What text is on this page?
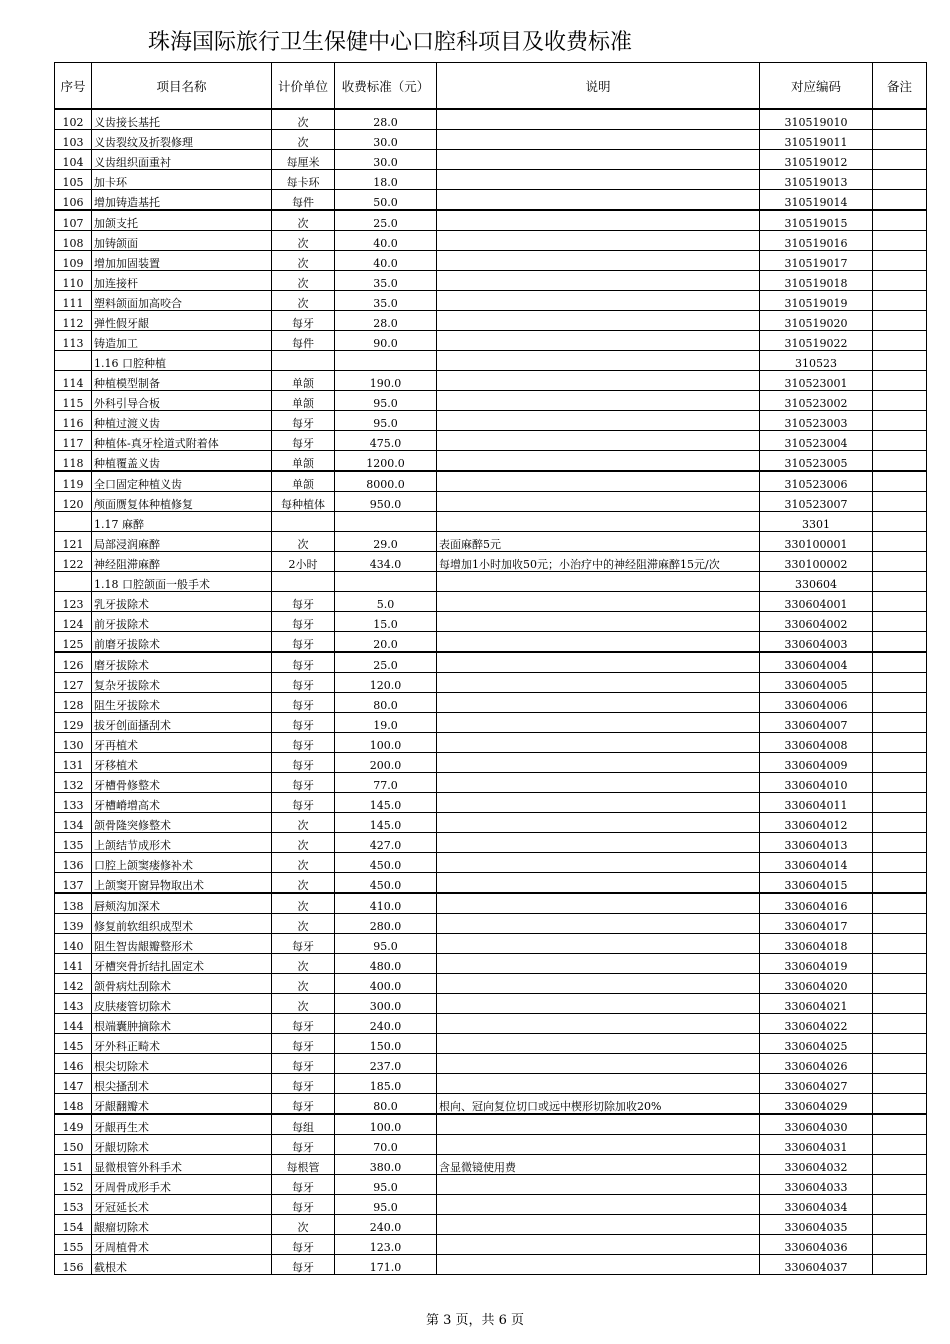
珠海国际旅行卫生保健中心口腔科项目及收费标准
序号	项目名称	计价单位	收费标准（元）	说明	对应编码	备注
102	义齿接长基托	次	28.0		310519010	
103	义齿裂纹及折裂修理	次	30.0		310519011	
104	义齿组织面重衬	每厘米	30.0		310519012	
105	加卡环	每卡环	18.0		310519013	
106	增加铸造基托	每件	50.0		310519014	
107	加颌支托	次	25.0		310519015	
108	加铸颌面	次	40.0		310519016	
109	增加加固装置	次	40.0		310519017	
110	加连接杆	次	35.0		310519018	
111	塑料颌面加高咬合	次	35.0		310519019	
112	弹性假牙龈	每牙	28.0		310519020	
113	铸造加工	每件	90.0		310519022	
	1.16 口腔种植				310523	
114	种植模型制备	单颌	190.0		310523001	
115	外科引导合板	单颌	95.0		310523002	
116	种植过渡义齿	每牙	95.0		310523003	
117	种植体-真牙栓道式附着体	每牙	475.0		310523004	
118	种植覆盖义齿	单颌	1200.0		310523005	
119	全口固定种植义齿	单颌	8000.0		310523006	
120	颅面赝复体种植修复	每种植体	950.0		310523007	
	1.17 麻醉				3301	
121	局部浸润麻醉	次	29.0	表面麻醉5元	330100001	
122	神经阻滞麻醉	2小时	434.0	每增加1小时加收50元；小治疗中的神经阻滞麻醉15元/次	330100002	
	1.18 口腔颌面一般手术				330604	
123	乳牙拔除术	每牙	5.0		330604001	
124	前牙拔除术	每牙	15.0		330604002	
125	前磨牙拔除术	每牙	20.0		330604003	
126	磨牙拔除术	每牙	25.0		330604004	
127	复杂牙拔除术	每牙	120.0		330604005	
128	阻生牙拔除术	每牙	80.0		330604006	
129	拔牙创面搔刮术	每牙	19.0		330604007	
130	牙再植术	每牙	100.0		330604008	
131	牙移植术	每牙	200.0		330604009	
132	牙槽骨修整术	每牙	77.0		330604010	
133	牙槽嵴增高术	每牙	145.0		330604011	
134	颌骨隆突修整术	次	145.0		330604012	
135	上颌结节成形术	次	427.0		330604013	
136	口腔上颌窦瘘修补术	次	450.0		330604014	
137	上颌窦开窗异物取出术	次	450.0		330604015	
138	唇颊沟加深术	次	410.0		330604016	
139	修复前软组织成型术	次	280.0		330604017	
140	阻生智齿龈瓣整形术	每牙	95.0		330604018	
141	牙槽突骨折结扎固定术	次	480.0		330604019	
142	颌骨病灶刮除术	次	400.0		330604020	
143	皮肤瘘管切除术	次	300.0		330604021	
144	根端囊肿摘除术	每牙	240.0		330604022	
145	牙外科正畸术	每牙	150.0		330604025	
146	根尖切除术	每牙	237.0		330604026	
147	根尖搔刮术	每牙	185.0		330604027	
148	牙龈翻瓣术	每牙	80.0	根向、冠向复位切口或远中楔形切除加收20%	330604029	
149	牙龈再生术	每组	100.0		330604030	
150	牙龈切除术	每牙	70.0		330604031	
151	显微根管外科手术	每根管	380.0	含显微镜使用费	330604032	
152	牙周骨成形手术	每牙	95.0		330604033	
153	牙冠延长术	每牙	95.0		330604034	
154	龈瘤切除术	次	240.0		330604035	
155	牙周植骨术	每牙	123.0		330604036	
156	截根术	每牙	171.0		330604037	
第 3 页，共 6 页
